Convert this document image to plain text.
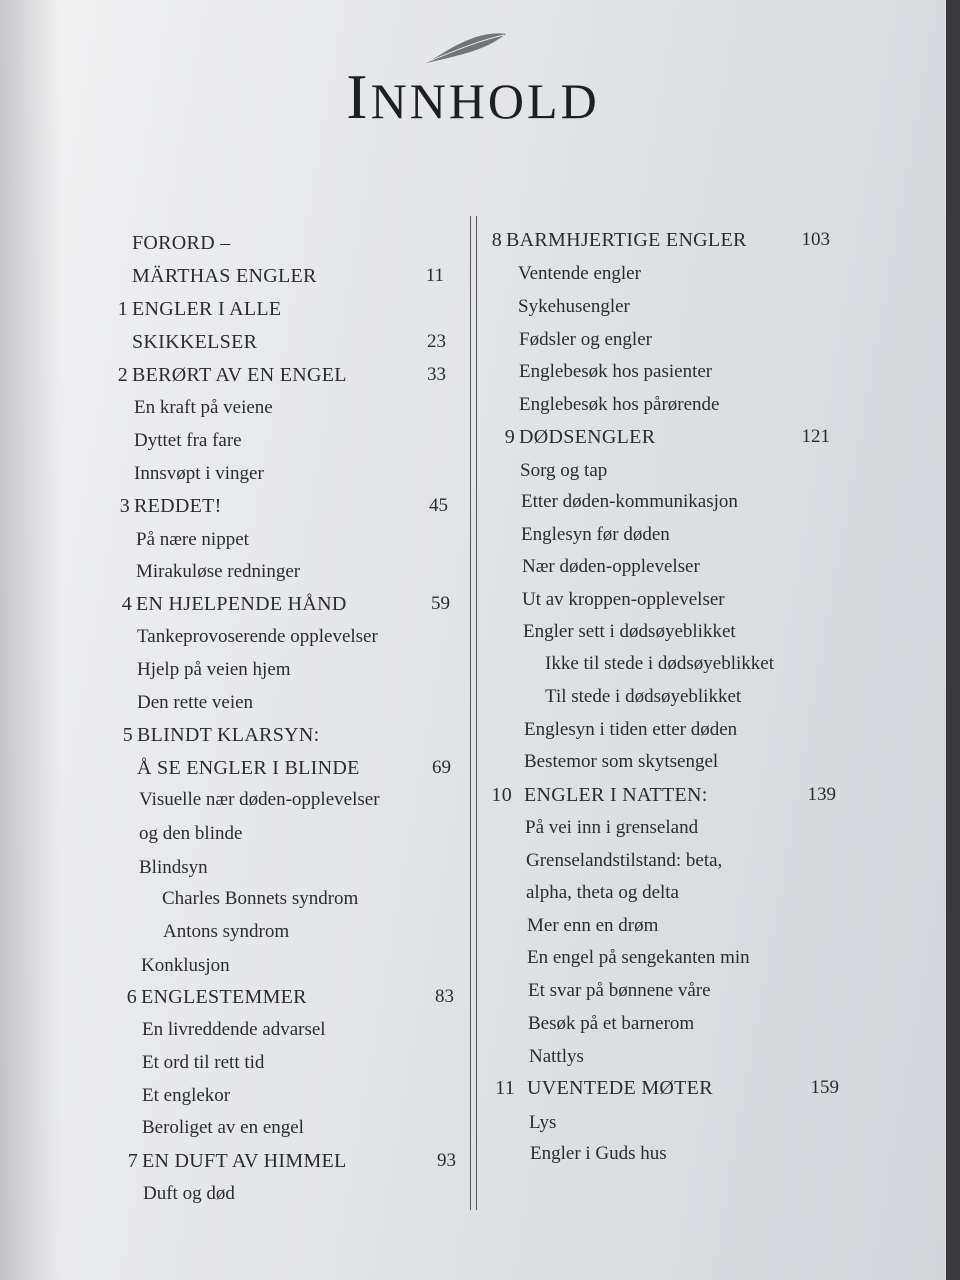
INNHOLD
FORORD –
MÄRTHAS ENGLER	11
1 ENGLER I ALLE
SKIKKELSER	23
2 BERØRT AV EN ENGEL	33
En kraft på veiene
Dyttet fra fare
Innsvøpt i vinger
3 REDDET!	45
På nære nippet
Mirakuløse redninger
4 EN HJELPENDE HÅND	59
Tankeprovoserende opplevelser
Hjelp på veien hjem
Den rette veien
5 BLINDT KLARSYN:
Å SE ENGLER I BLINDE	69
Visuelle nær døden-opplevelser
og den blinde
Blindsyn
Charles Bonnets syndrom
Antons syndrom
Konklusjon
6 ENGLESTEMMER	83
En livreddende advarsel
Et ord til rett tid
Et englekor
Beroliget av en engel
7 EN DUFT AV HIMMEL	93
Duft og død
8 BARMHJERTIGE ENGLER	103
Ventende engler
Sykehusengler
Fødsler og engler
Englebesøk hos pasienter
Englebesøk hos pårørende
9 DØDSENGLER	121
Sorg og tap
Etter døden-kommunikasjon
Englesyn før døden
Nær døden-opplevelser
Ut av kroppen-opplevelser
Engler sett i dødsøyeblikket
Ikke til stede i dødsøyeblikket
Til stede i dødsøyeblikket
Englesyn i tiden etter døden
Bestemor som skytsengel
10 ENGLER I NATTEN:	139
På vei inn i grenseland
Grenselandstilstand: beta,
alpha, theta og delta
Mer enn en drøm
En engel på sengekanten min
Et svar på bønnene våre
Besøk på et barnerom
Nattlys
11 UVENTEDE MØTER	159
Lys
Engler i Guds hus
